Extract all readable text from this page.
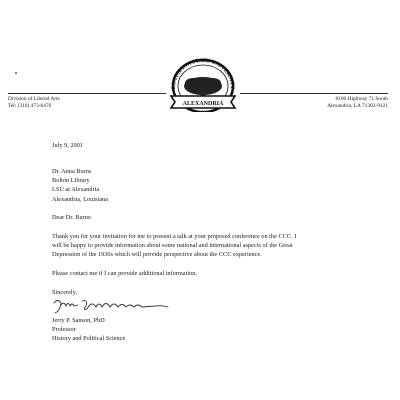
LOUISIANA STATE UNIVERSITY
ALEXANDRIA
Division of Liberal Arts
Tel: (318) 473-6470
8100 Highway 71 South
Alexandria, LA 71302-9121
July 9, 2001
Dr. Anna Burns
Bolton Library
LSU at Alexandria
Alexandria, Louisiana
Dear Dr. Burns:
Thank you for your invitation for me to present a talk at your proposed conference on the CCC. I
will be happy to provide information about some national and international aspects of the Great
Depression of the 1930s which will provide perspective about the CCC experience.
Please contact me if I can provide additional information.
Sincerely,
Jerry P. Sanson, PhD
Professor
History and Political Science
